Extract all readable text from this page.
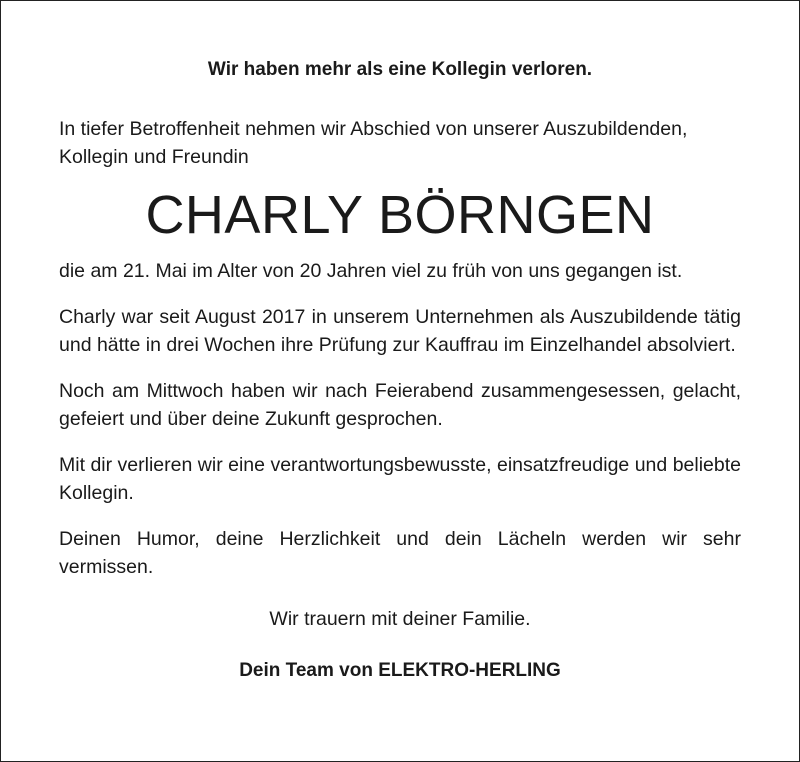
Wir haben mehr als eine Kollegin verloren.

In tiefer Betroffenheit nehmen wir Abschied von unserer Auszubildenden,

Kollegin und Freundin

CHARLY BÖRNGEN

die am 21. Mai im Alter von 20 Jahren viel zu früh von uns gegangen ist.

Charly war seit August 2017 in unserem Unternehmen als Auszubildende tätig und hätte in drei Wochen ihre Prüfung zur Kauffrau im Einzelhandel absolviert.

Noch am Mittwoch haben wir nach Feierabend zusammengesessen, gelacht, gefeiert und über deine Zukunft gesprochen.

Mit dir verlieren wir eine verantwortungsbewusste, einsatzfreudige und beliebte Kollegin.

Deinen Humor, deine Herzlichkeit und dein Lächeln werden wir sehr vermissen.

Wir trauern mit deiner Familie.

Dein Team von ELEKTRO-HERLING
